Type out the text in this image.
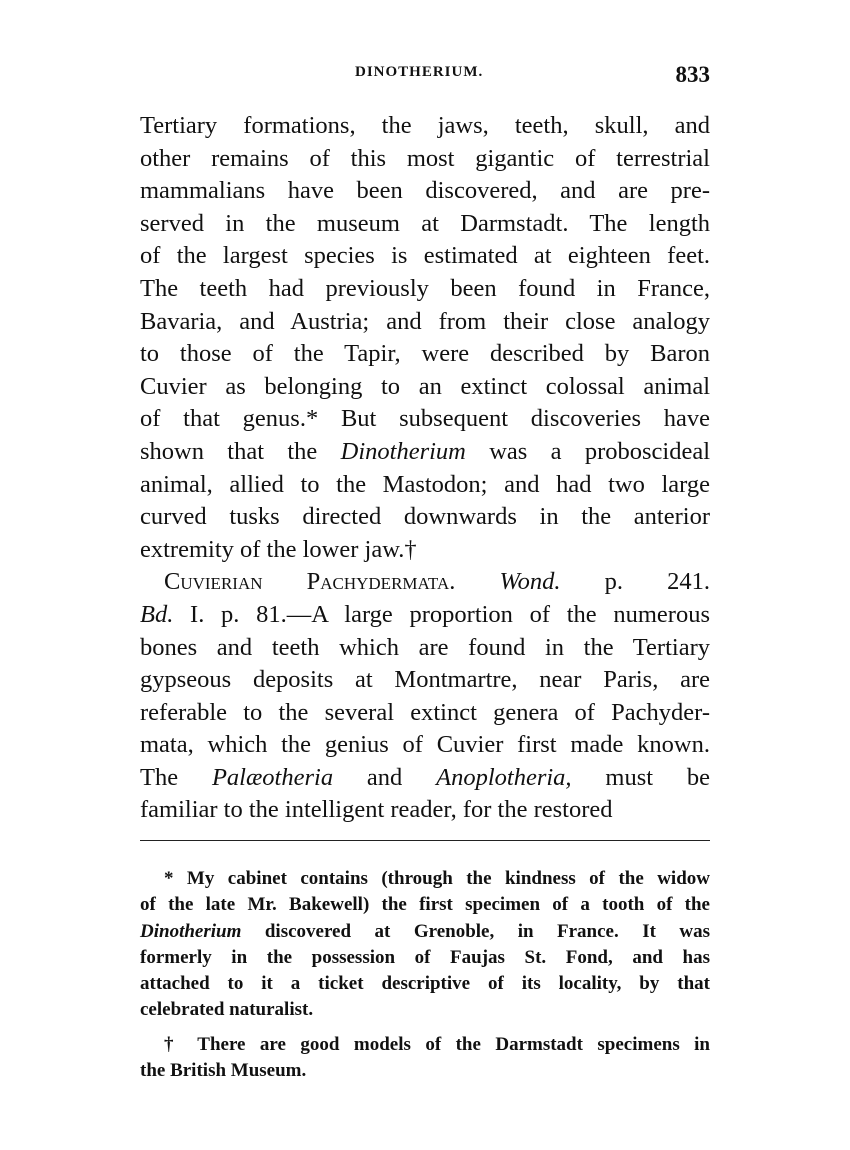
DINOTHERIUM.	833
Tertiary formations, the jaws, teeth, skull, and
other remains of this most gigantic of terrestrial
mammalians have been discovered, and are pre-
served in the museum at Darmstadt. The length
of the largest species is estimated at eighteen feet.
The teeth had previously been found in France,
Bavaria, and Austria; and from their close analogy
to those of the Tapir, were described by Baron
Cuvier as belonging to an extinct colossal animal
of that genus.* But subsequent discoveries have
shown that the Dinotherium was a proboscideal
animal, allied to the Mastodon; and had two large
curved tusks directed downwards in the anterior
extremity of the lower jaw.†
Cuvierian Pachydermata. Wond. p. 241.
Bd. I. p. 81.—A large proportion of the numerous
bones and teeth which are found in the Tertiary
gypseous deposits at Montmartre, near Paris, are
referable to the several extinct genera of Pachyder-
mata, which the genius of Cuvier first made known.
The Palæotheria and Anoplotheria, must be
familiar to the intelligent reader, for the restored
* My cabinet contains (through the kindness of the widow
of the late Mr. Bakewell) the first specimen of a tooth of the
Dinotherium discovered at Grenoble, in France. It was
formerly in the possession of Faujas St. Fond, and has
attached to it a ticket descriptive of its locality, by that
celebrated naturalist.
† There are good models of the Darmstadt specimens in
the British Museum.
